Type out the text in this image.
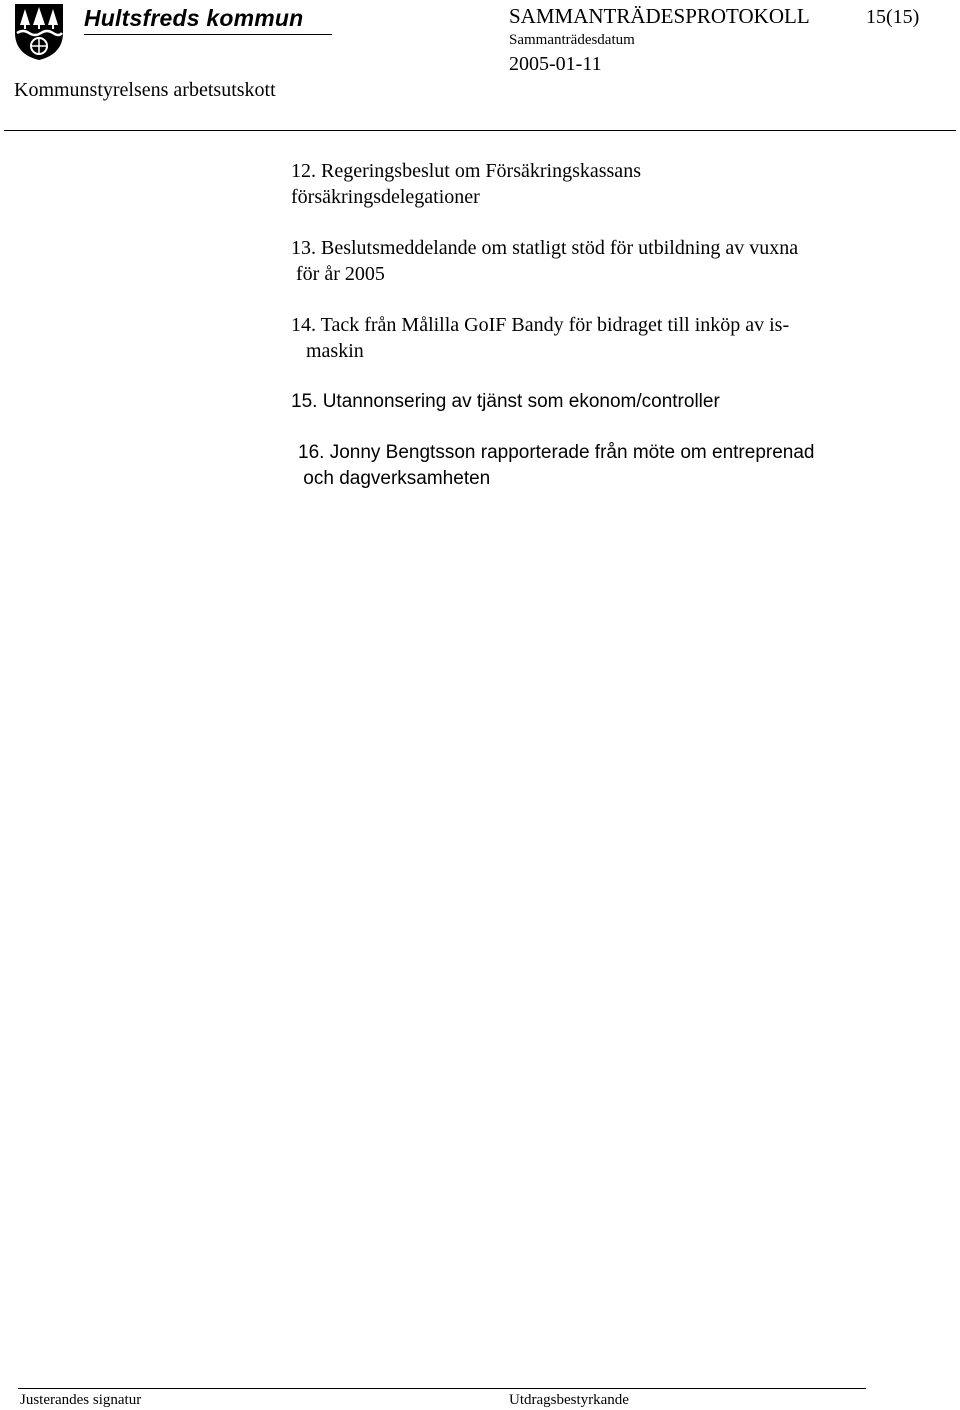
Hultsfreds kommun	SAMMANTRÄDESPROTOKOLL	15(15)
Sammanträdesdatum
2005-01-11
Kommunstyrelsens arbetsutskott
12. Regeringsbeslut om Försäkringskassans
försäkringsdelegationer
13. Beslutsmeddelande om statligt stöd för utbildning av vuxna
för år 2005
14. Tack från Målilla GoIF Bandy för bidraget till inköp av is-
maskin
15. Utannonsering av tjänst som ekonom/controller
16. Jonny Bengtsson rapporterade från möte om entreprenad
och dagverksamheten
Justerandes signatur	Utdragsbestyrkande
